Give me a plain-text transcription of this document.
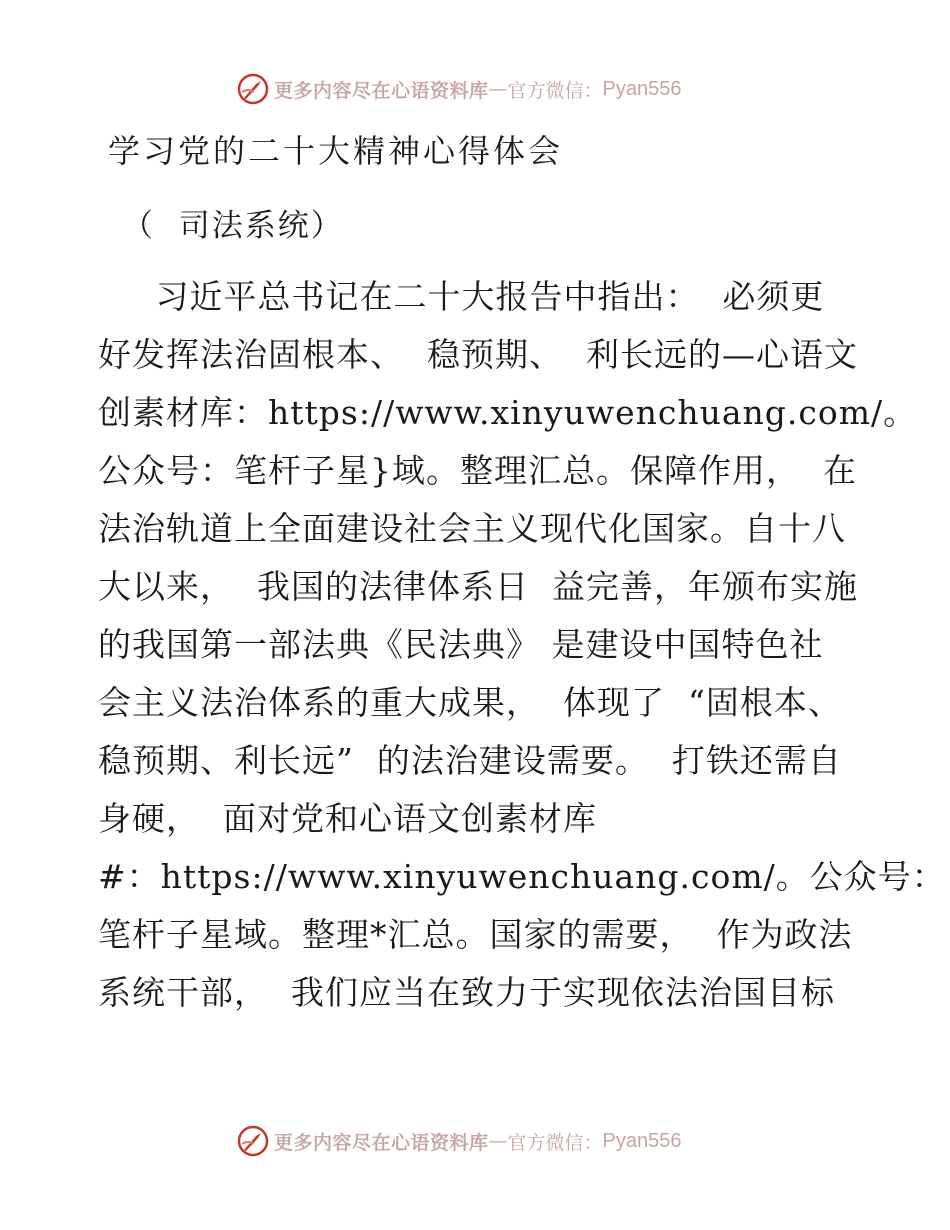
更多内容尽在心语资料库 — 官方微信： Pyan556
学习党的二十大精神心得体会

（  司法系统）

习近平总书记在二十大报告中指出：  必须更

好发挥法治固根本、  稳预期、  利长远的—心语文

创素材库：https://www.xinyuwenchuang.com/。

公众号：笔杆子星}域。整理汇总。保障作用，  在

法治轨道上全面建设社会主义现代化国家。自十八

大以来，  我国的法律体系日  益完善，年颁布实施

的我国第一部法典《民法典》 是建设中国特色社

会主义法治体系的重大成果，  体现了  “固根本、

稳预期、利长远”  的法治建设需要。  打铁还需自

身硬，  面对党和心语文创素材库

#：https://www.xinyuwenchuang.com/。公众号：

笔杆子星域。整理*汇总。国家的需要，  作为政法

系统干部，  我们应当在致力于实现依法治国目标

更多内容尽在心语资料库 — 官方微信： Pyan556
